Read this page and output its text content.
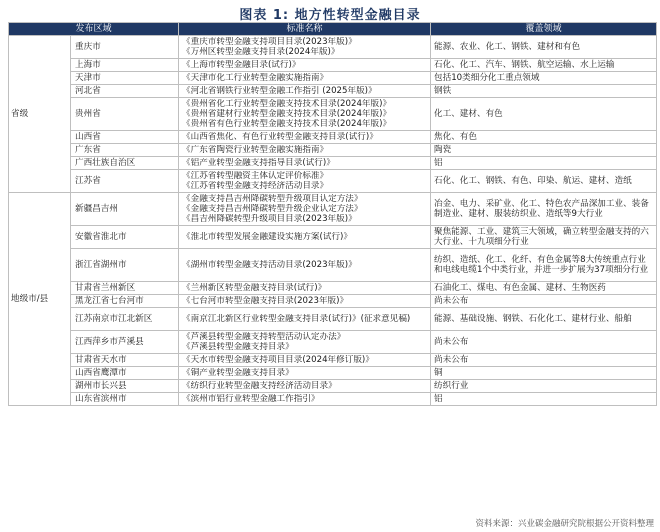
图表 1: 地方性转型金融目录
发布区域		标准名称	覆盖领域
省级	重庆市	《重庆市转型金融支持项目目录(2023年版)》
《万州区转型金融支持目录(2024年版)》	能源、农业、化工、钢铁、建材和有色
	上海市	《上海市转型金融目录(试行)》	石化、化工、汽车、钢铁、航空运输、水上运输
	天津市	《天津市化工行业转型金融实施指南》	包括10类细分化工重点领域
	河北省	《河北省钢铁行业转型金融工作指引 (2025年版)》	钢铁
	贵州省	《贵州省化工行业转型金融支持技术目录(2024年版)》
《贵州省建材行业转型金融支持技术目录(2024年版)》
《贵州省有色行业转型金融支持技术目录(2024年版)》	化工、建材、有色
	山西省	《山西省焦化、有色行业转型金融支持目录(试行)》	焦化、有色
	广东省	《广东省陶瓷行业转型金融实施指南》	陶瓷
	广西壮族自治区	《铝产业转型金融支持指导目录(试行)》	铝
	江苏省	《江苏省转型融资主体认定评价标准》
《江苏省转型金融支持经济活动目录》	石化、化工、钢铁、有色、印染、航运、建材、造纸
地级市/县	新疆昌吉州	《金融支持昌吉州降碳转型升级项目认定方法》
《金融支持昌吉州降碳转型升级企业认定方法》
《昌吉州降碳转型升级项目目录(2023年版)》	冶金、电力、采矿业、化工、特色农产品深加工业、装备制造业、建材、服装纺织业、造纸等9大行业
	安徽省淮北市	《淮北市转型发展金融建设实施方案(试行)》	聚焦能源、工业、建筑三大领域，确立转型金融支持的六大行业、十九项细分行业
	浙江省湖州市	《湖州市转型金融支持活动目录(2023年版)》	纺织、造纸、化工、化纤、有色金属等8大传统重点行业和电线电缆1个中类行业，并进一步扩展为37项细分行业
	甘肃省兰州新区	《兰州新区转型金融支持目录(试行)》	石油化工、煤电、有色金属、建材、生物医药
	黑龙江省七台河市	《七台河市转型金融支持目录(2023年版)》	尚未公布
	江苏南京市江北新区	《南京江北新区行业转型金融支持目录(试行)》(征求意见稿)	能源、基础设施、钢铁、石化化工、建材行业、船舶
	江西萍乡市芦溪县	《芦溪县转型金融支持转型活动认定办法》
《芦溪县转型金融支持目录》	尚未公布
	甘肃省天水市	《天水市转型金融支持项目目录(2024年修订版)》	尚未公布
	山西省鹰潭市	《铜产业转型金融支持目录》	铜
	湖州市长兴县	《纺织行业转型金融支持经济活动目录》	纺织行业
	山东省滨州市	《滨州市铝行业转型金融工作指引》	铝
资料来源：兴业碳金融研究院根据公开资料整理
